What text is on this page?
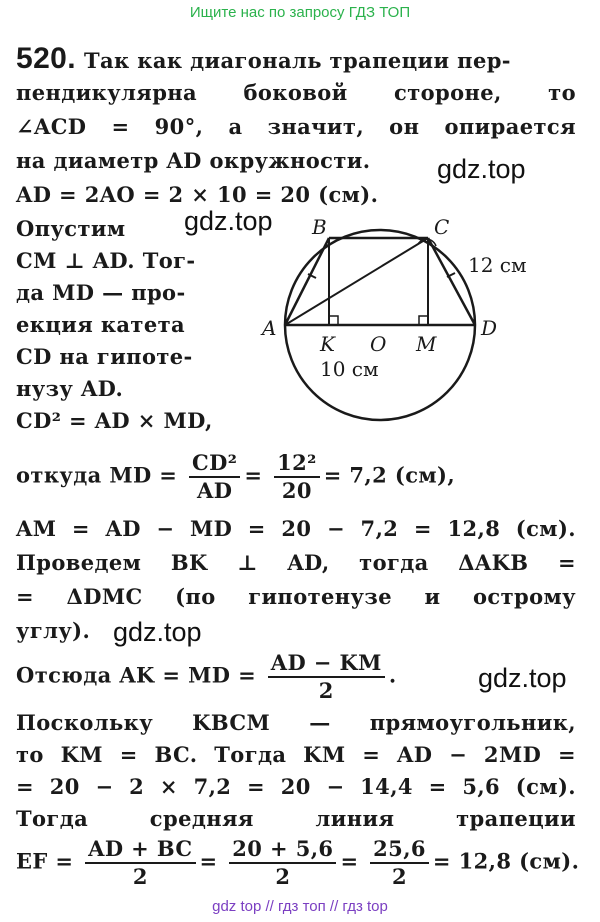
Ищите нас по запросу ГДЗ ТОП
520. Так как диагональ трапеции пер-
пендикулярна боковой стороне, то
∠ACD = 90°, а значит, он опирается
на диаметр AD окружности.
AD = 2AO = 2 × 10 = 20 (см).
Опустим
CM ⊥ AD. Тог-
да MD — про-
екция катета
CD на гипоте-
нузу AD.
CD² = AD × MD,
откуда MD = $\frac{\text{CD²}}{AD} = \frac{\text{12²}}{20} = 7,2$ (см),
AM = AD − MD = 20 − 7,2 = 12,8 (см).
Проведем BK ⊥ AD, тогда ΔAKB =
= ΔDMC (по гипотенузе и острому
углу).
Отсюда AK = MD = $\frac{AD - KM}{2}$ .
Поскольку KBCM — прямоугольник,
то KM = BC. Тогда KM = AD − 2MD =
= 20 − 2 × 7,2 = 20 − 14,4 = 5,6 (см).
Тогда средняя линия трапеции
EF = $\frac{AD + BC}{2} = \frac{20 + 5,6}{2} = \frac{25,6}{2} = 12,8$ (см).
A
B	C
D
K O M
12 см
10 см
gdz.top
gdz.top
gdz.top
gdz.top
gdz top // гдз топ // гдз top
